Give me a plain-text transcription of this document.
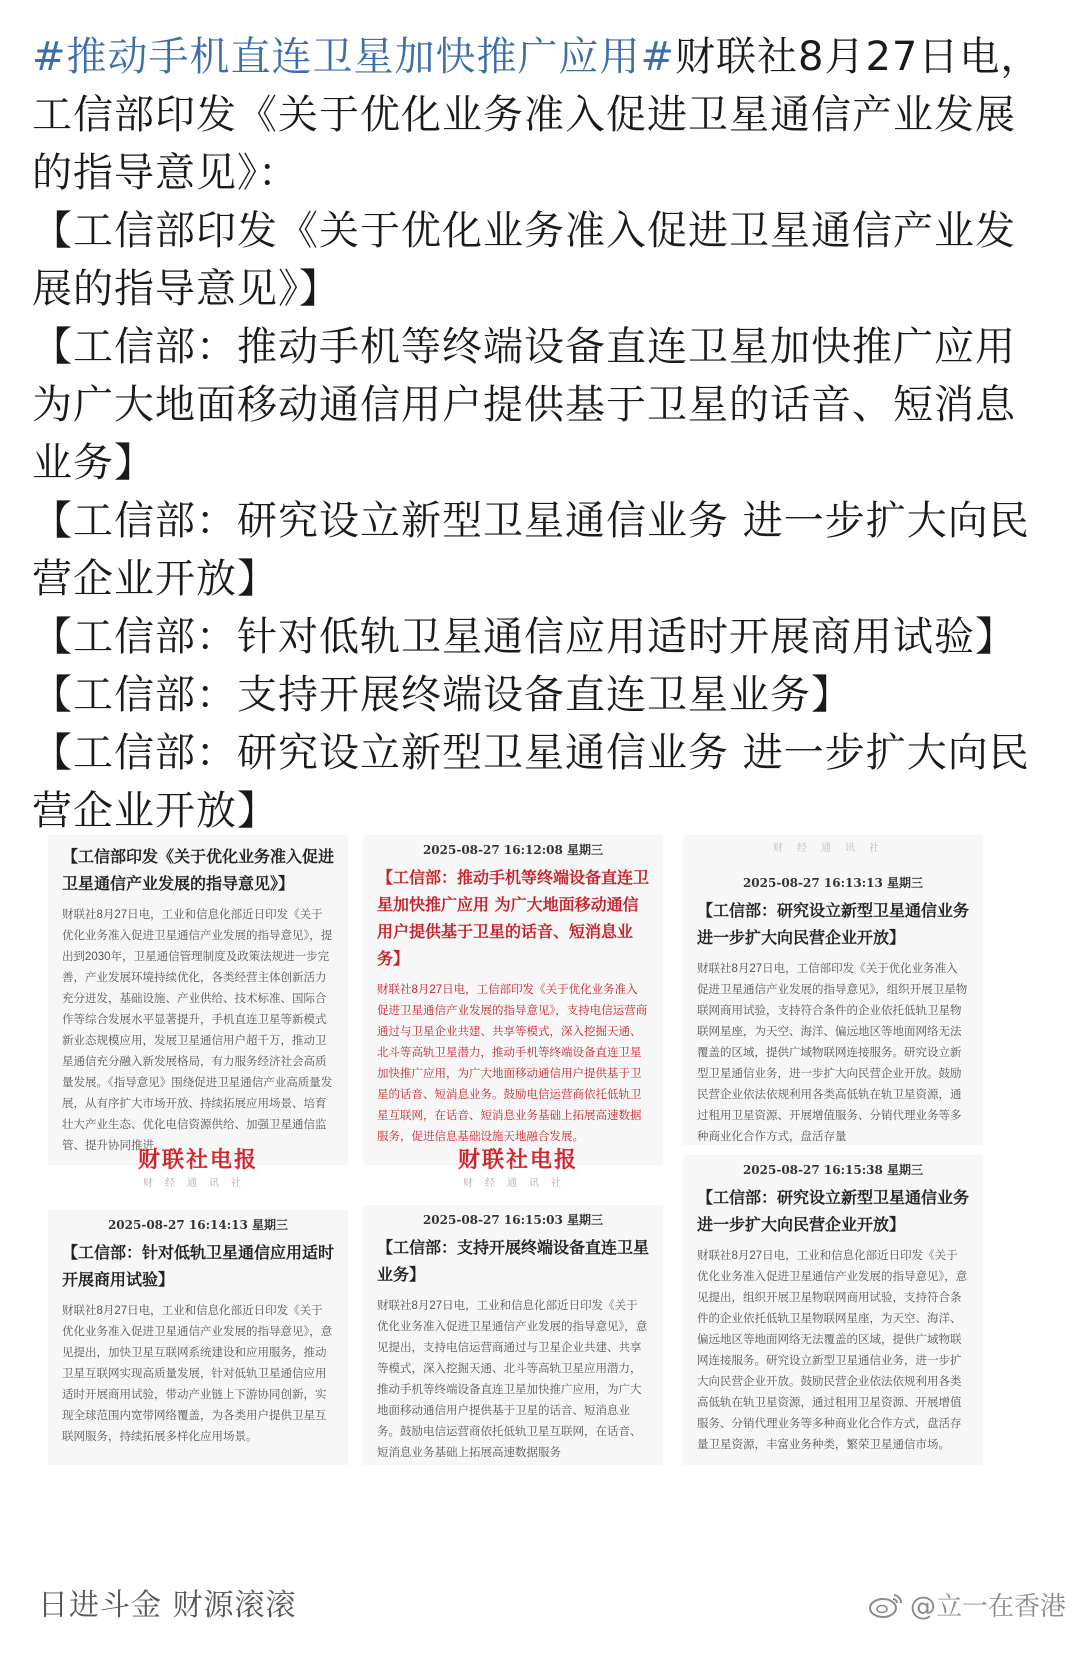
#推动手机直连卫星加快推广应用#财联社8月27日电，工信部印发《关于优化业务准入促进卫星通信产业发展的指导意见》：

【工信部印发《关于优化业务准入促进卫星通信产业发展的指导意见》】

【工信部：推动手机等终端设备直连卫星加快推广应用 为广大地面移动通信用户提供基于卫星的话音、短消息业务】

【工信部：研究设立新型卫星通信业务 进一步扩大向民营企业开放】

【工信部：针对低轨卫星通信应用适时开展商用试验】

【工信部：支持开展终端设备直连卫星业务】

【工信部：研究设立新型卫星通信业务 进一步扩大向民营企业开放】

【工信部印发《关于优化业务准入促进卫星通信产业发展的指导意见》】
财联社8月27日电，工业和信息化部近日印发《关于优化业务准入促进卫星通信产业发展的指导意见》，提出到2030年，卫星通信管理制度及政策法规进一步完善，产业发展环境持续优化，各类经营主体创新活力充分迸发，基础设施、产业供给、技术标准、国际合作等综合发展水平显著提升，手机直连卫星等新模式新业态规模应用，发展卫星通信用户超千万，推动卫星通信充分融入新发展格局，有力服务经济社会高质量发展。《指导意见》围绕促进卫星通信产业高质量发展，从有序扩大市场开放、持续拓展应用场景、培育壮大产业生态、优化电信资源供给、加强卫星通信监管、提升协同推进
2025-08-27 16:12:08 星期三
【工信部：推动手机等终端设备直连卫星加快推广应用 为广大地面移动通信用户提供基于卫星的话音、短消息业务】
财联社8月27日电，工信部印发《关于优化业务准入促进卫星通信产业发展的指导意见》，支持电信运营商通过与卫星企业共建、共享等模式，深入挖掘天通、北斗等高轨卫星潜力，推动手机等终端设备直连卫星加快推广应用，为广大地面移动通信用户提供基于卫星的话音、短消息业务。鼓励电信运营商依托低轨卫星互联网，在话音、短消息业务基础上拓展高速数据服务，促进信息基础设施天地融合发展。
财经通讯社
2025-08-27 16:13:13 星期三
【工信部：研究设立新型卫星通信业务 进一步扩大向民营企业开放】
财联社8月27日电，工信部印发《关于优化业务准入促进卫星通信产业发展的指导意见》，组织开展卫星物联网商用试验，支持符合条件的企业依托低轨卫星物联网星座，为天空、海洋、偏远地区等地面网络无法覆盖的区域，提供广域物联网连接服务。研究设立新型卫星通信业务，进一步扩大向民营企业开放。鼓励民营企业依法依规利用各类高低轨在轨卫星资源，通过租用卫星资源、开展增值服务、分销代理业务等多种商业化合作方式，盘活存量
财联社电报
财经通讯社
财联社电报
财经通讯社
2025-08-27 16:14:13 星期三
【工信部：针对低轨卫星通信应用适时开展商用试验】
财联社8月27日电，工业和信息化部近日印发《关于优化业务准入促进卫星通信产业发展的指导意见》，意见提出，加快卫星互联网系统建设和应用服务，推动卫星互联网实现高质量发展，针对低轨卫星通信应用适时开展商用试验，带动产业链上下游协同创新，实现全球范围内宽带网络覆盖，为各类用户提供卫星互联网服务，持续拓展多样化应用场景。
2025-08-27 16:15:03 星期三
【工信部：支持开展终端设备直连卫星业务】
财联社8月27日电，工业和信息化部近日印发《关于优化业务准入促进卫星通信产业发展的指导意见》，意见提出，支持电信运营商通过与卫星企业共建、共享等模式，深入挖掘天通、北斗等高轨卫星应用潜力，推动手机等终端设备直连卫星加快推广应用，为广大地面移动通信用户提供基于卫星的话音、短消息业务。鼓励电信运营商依托低轨卫星互联网，在话音、短消息业务基础上拓展高速数据服务
2025-08-27 16:15:38 星期三
【工信部：研究设立新型卫星通信业务 进一步扩大向民营企业开放】
财联社8月27日电，工业和信息化部近日印发《关于优化业务准入促进卫星通信产业发展的指导意见》，意见提出，组织开展卫星物联网商用试验，支持符合条件的企业依托低轨卫星物联网星座，为天空、海洋、偏远地区等地面网络无法覆盖的区域，提供广域物联网连接服务。研究设立新型卫星通信业务，进一步扩大向民营企业开放。鼓励民营企业依法依规利用各类高低轨在轨卫星资源，通过租用卫星资源、开展增值服务、分销代理业务等多种商业化合作方式，盘活存量卫星资源，丰富业务种类，繁荣卫星通信市场。
日进斗金 财源滚滚	@立一在香港
